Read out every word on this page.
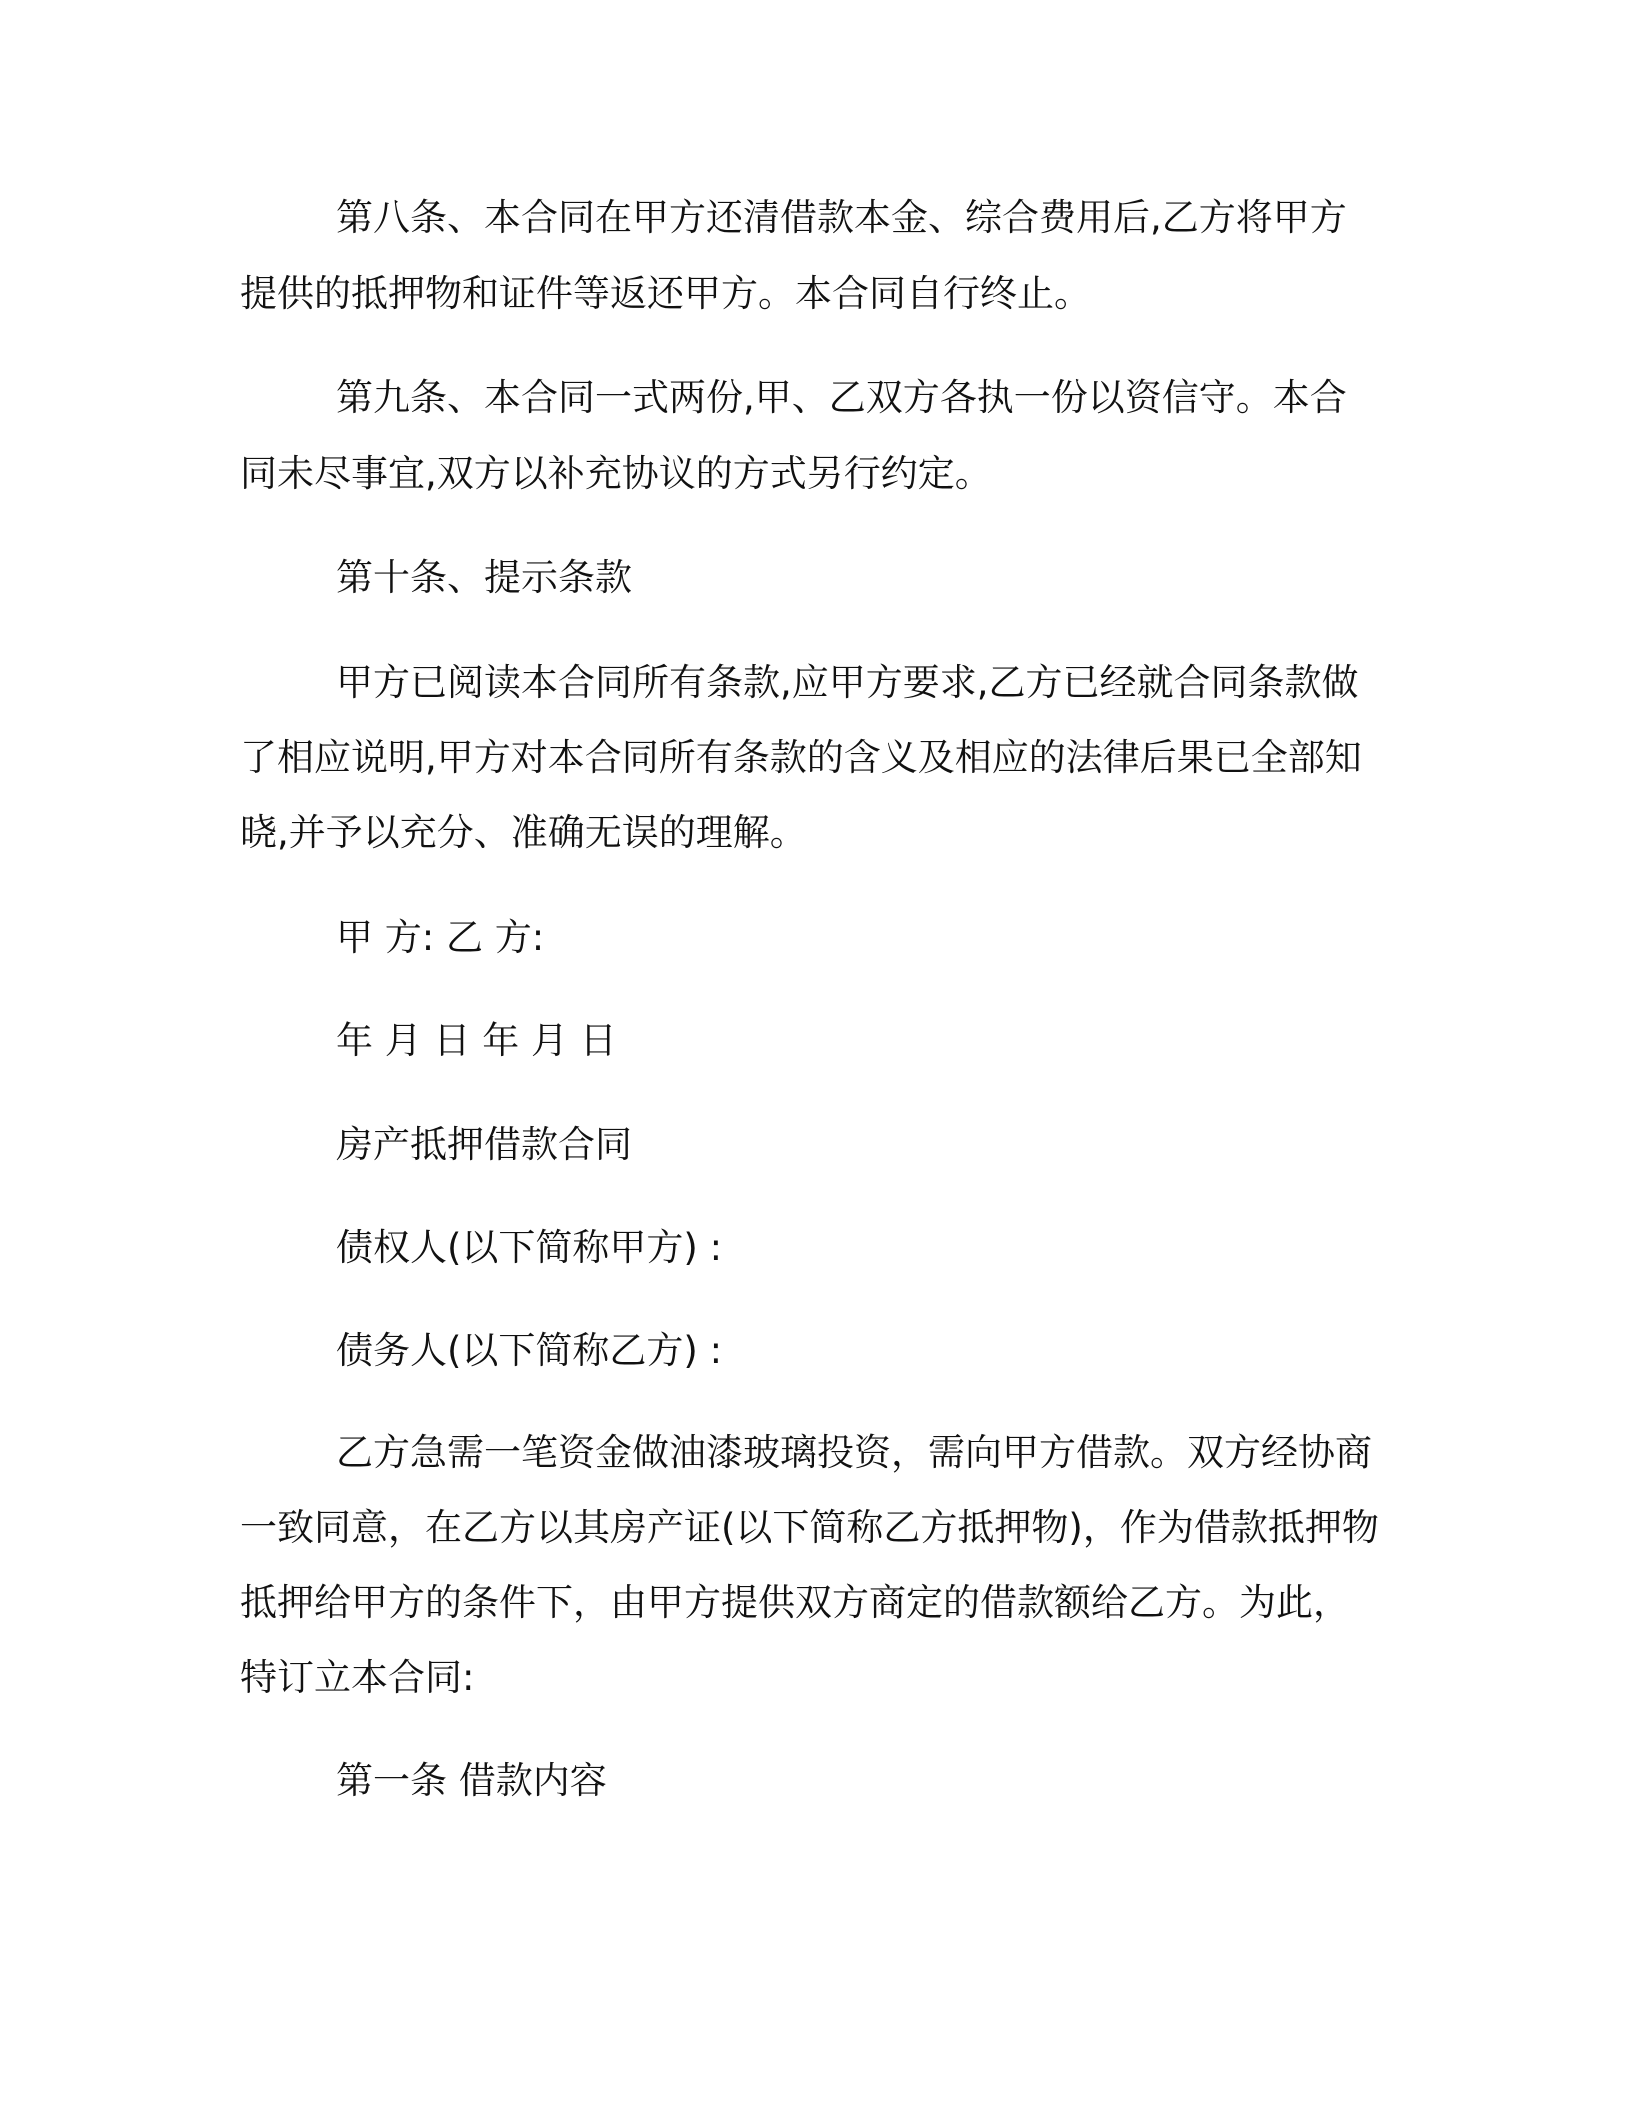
第八条、本合同在甲方还清借款本金、综合费用后,乙方将甲方

提供的抵押物和证件等返还甲方。本合同自行终止。

第九条、本合同一式两份,甲、乙双方各执一份以资信守。本合

同未尽事宜,双方以补充协议的方式另行约定。

第十条、提示条款

甲方已阅读本合同所有条款,应甲方要求,乙方已经就合同条款做

了相应说明,甲方对本合同所有条款的含义及相应的法律后果已全部知

晓,并予以充分、准确无误的理解。

甲 方: 乙 方:

年 月 日 年 月 日

房产抵押借款合同

债权人(以下简称甲方) :

债务人(以下简称乙方) :

乙方急需一笔资金做油漆玻璃投资，需向甲方借款。双方经协商

一致同意，在乙方以其房产证(以下简称乙方抵押物)，作为借款抵押物

抵押给甲方的条件下，由甲方提供双方商定的借款额给乙方。为此，

特订立本合同:

第一条 借款内容
